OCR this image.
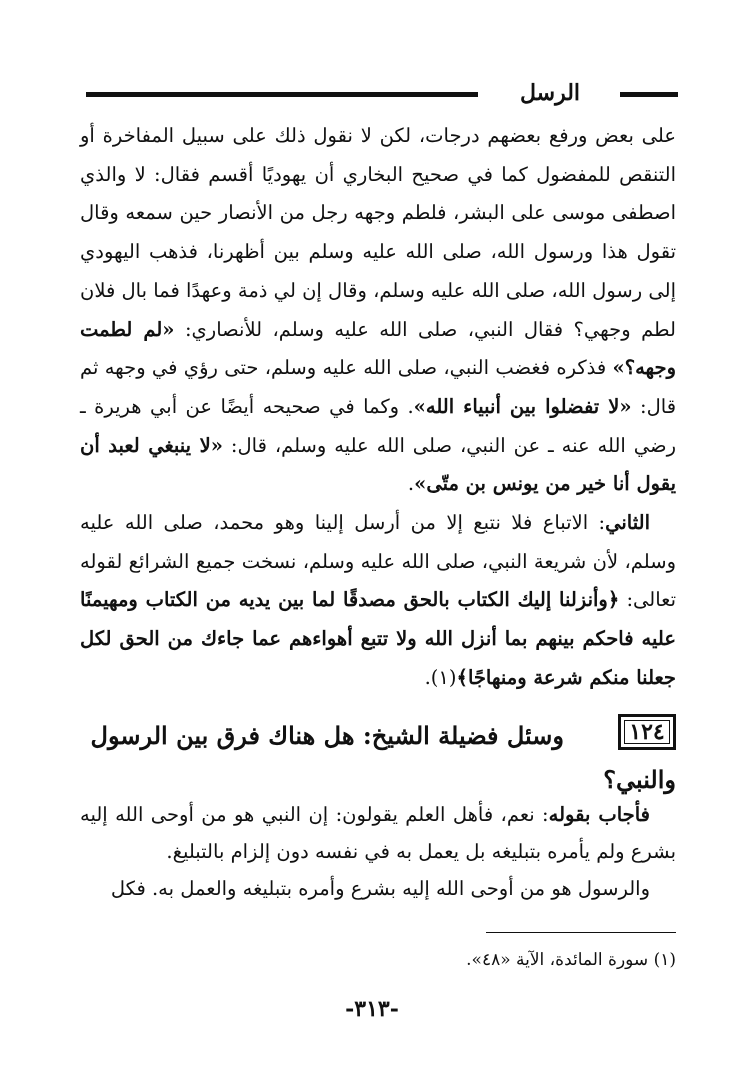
الرسل

على بعض ورفع بعضهم درجات، لكن لا نقول ذلك على سبيل المفاخرة أو التنقص للمفضول كما في صحيح البخاري أن يهوديًا أقسم فقال: لا والذي اصطفى موسى على البشر، فلطم وجهه رجل من الأنصار حين سمعه وقال تقول هذا ورسول الله، صلى الله عليه وسلم بين أظهرنا، فذهب اليهودي إلى رسول الله، صلى الله عليه وسلم، وقال إن لي ذمة وعهدًا فما بال فلان لطم وجهي؟ فقال النبي، صلى الله عليه وسلم، للأنصاري: «لم لطمت وجهه؟» فذكره فغضب النبي، صلى الله عليه وسلم، حتى رؤي في وجهه ثم قال: «لا تفضلوا بين أنبياء الله». وكما في صحيحه أيضًا عن أبي هريرة ـ رضي الله عنه ـ عن النبي، صلى الله عليه وسلم، قال: «لا ينبغي لعبد أن يقول أنا خير من يونس بن متّى».

الثاني: الاتباع فلا نتبع إلا من أرسل إلينا وهو محمد، صلى الله عليه وسلم، لأن شريعة النبي، صلى الله عليه وسلم، نسخت جميع الشرائع لقوله تعالى: ﴿وأنزلنا إليك الكتاب بالحق مصدقًا لما بين يديه من الكتاب ومهيمنًا عليه فاحكم بينهم بما أنزل الله ولا تتبع أهواءهم عما جاءك من الحق لكل جعلنا منكم شرعة ومنهاجًا﴾(١).

١٢٤
وسئل فضيلة الشيخ: هل هناك فرق بين الرسول
والنبي؟

فأجاب بقوله: نعم، فأهل العلم يقولون: إن النبي هو من أوحى الله إليه بشرع ولم يأمره بتبليغه بل يعمل به في نفسه دون إلزام بالتبليغ.

والرسول هو من أوحى الله إليه بشرع وأمره بتبليغه والعمل به. فكل

(١) سورة المائدة، الآية «٤٨».
-٣١٣-
